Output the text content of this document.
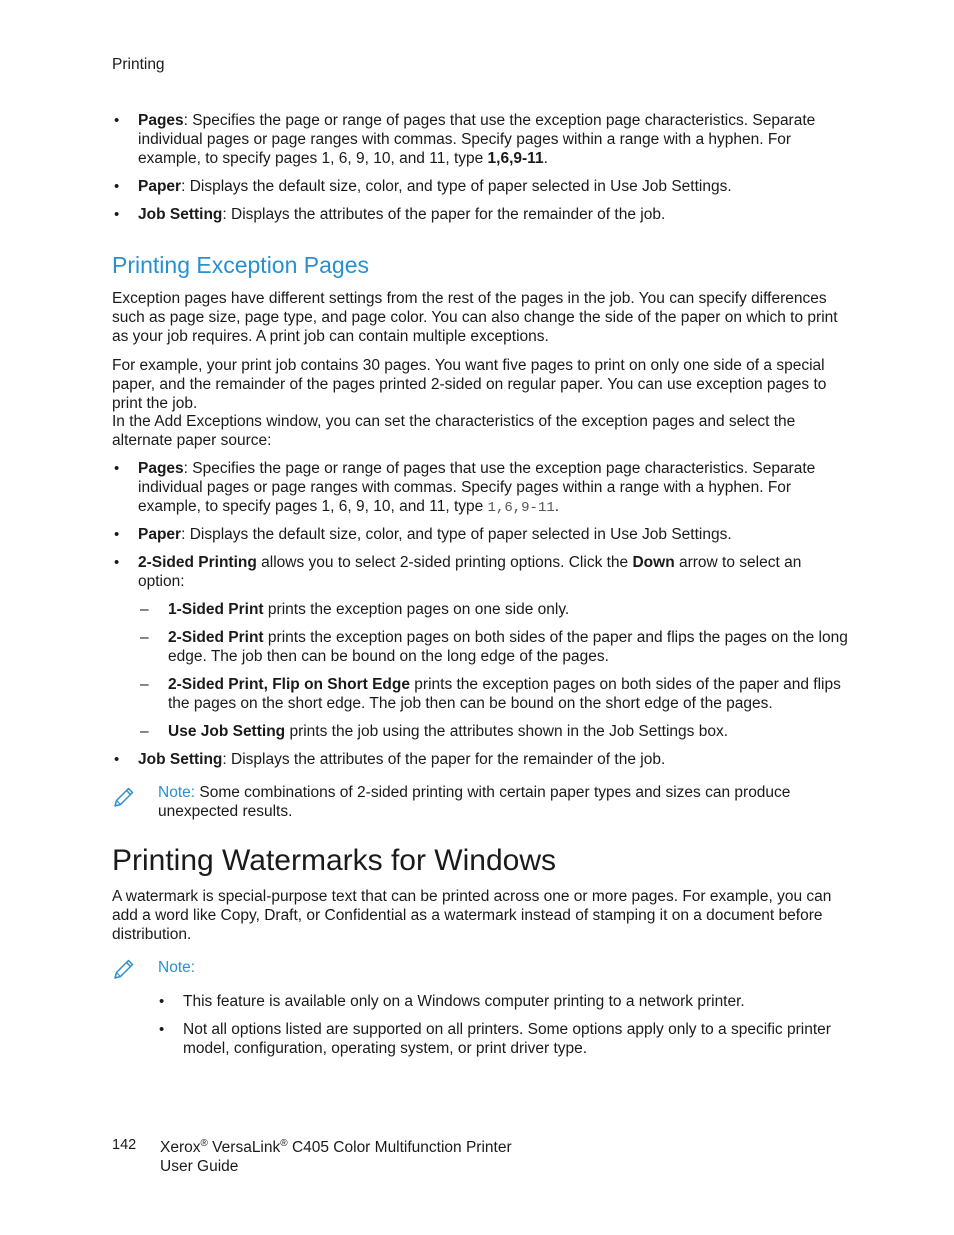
Printing
• Pages: Specifies the page or range of pages that use the exception page characteristics. Separate individual pages or page ranges with commas. Specify pages within a range with a hyphen. For example, to specify pages 1, 6, 9, 10, and 11, type 1,6,9-11.
• Paper: Displays the default size, color, and type of paper selected in Use Job Settings.
• Job Setting: Displays the attributes of the paper for the remainder of the job.
Printing Exception Pages
Exception pages have different settings from the rest of the pages in the job. You can specify differences such as page size, page type, and page color. You can also change the side of the paper on which to print as your job requires. A print job can contain multiple exceptions.
For example, your print job contains 30 pages. You want five pages to print on only one side of a special paper, and the remainder of the pages printed 2-sided on regular paper. You can use exception pages to print the job.
In the Add Exceptions window, you can set the characteristics of the exception pages and select the alternate paper source:
• Pages: Specifies the page or range of pages that use the exception page characteristics. Separate individual pages or page ranges with commas. Specify pages within a range with a hyphen. For example, to specify pages 1, 6, 9, 10, and 11, type 1,6,9-11.
• Paper: Displays the default size, color, and type of paper selected in Use Job Settings.
• 2-Sided Printing allows you to select 2-sided printing options. Click the Down arrow to select an option:
– 1-Sided Print prints the exception pages on one side only.
– 2-Sided Print prints the exception pages on both sides of the paper and flips the pages on the long edge. The job then can be bound on the long edge of the pages.
– 2-Sided Print, Flip on Short Edge prints the exception pages on both sides of the paper and flips the pages on the short edge. The job then can be bound on the short edge of the pages.
– Use Job Setting prints the job using the attributes shown in the Job Settings box.
• Job Setting: Displays the attributes of the paper for the remainder of the job.
Note: Some combinations of 2-sided printing with certain paper types and sizes can produce unexpected results.
Printing Watermarks for Windows
A watermark is special-purpose text that can be printed across one or more pages. For example, you can add a word like Copy, Draft, or Confidential as a watermark instead of stamping it on a document before distribution.
Note:
• This feature is available only on a Windows computer printing to a network printer.
• Not all options listed are supported on all printers. Some options apply only to a specific printer model, configuration, operating system, or print driver type.
142 Xerox® VersaLink® C405 Color Multifunction Printer
User Guide
